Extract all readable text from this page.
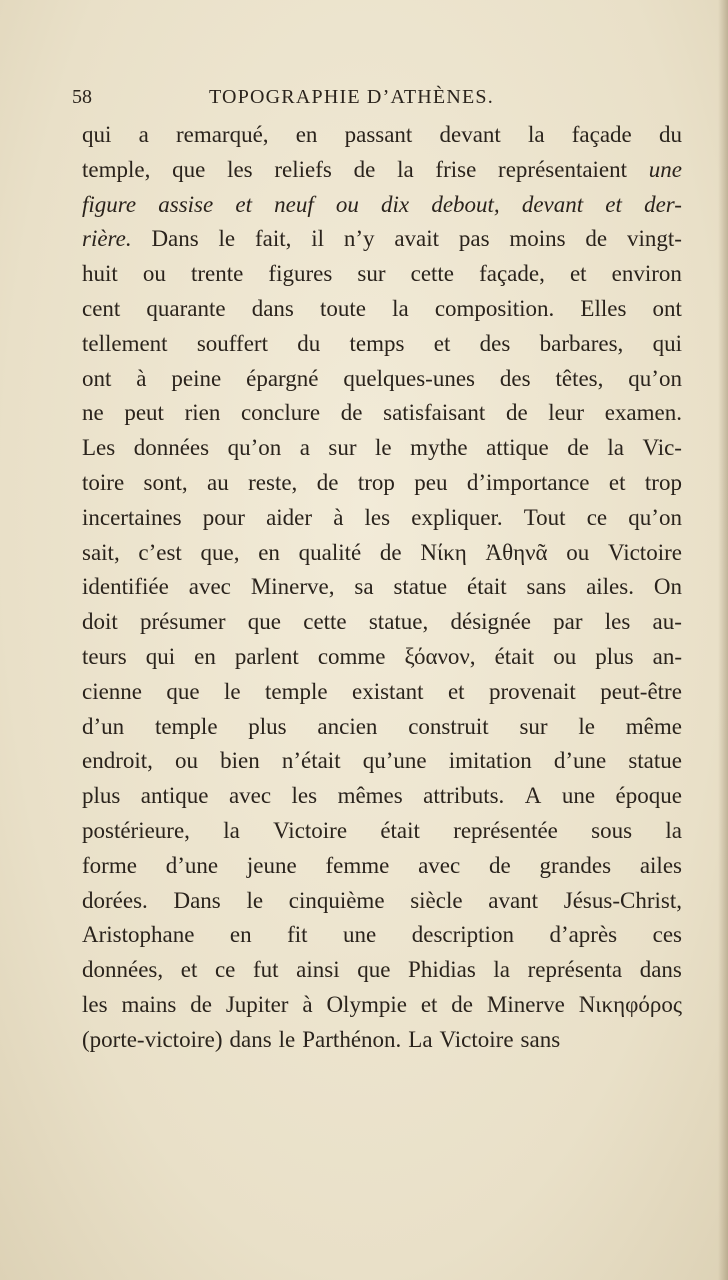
58	TOPOGRAPHIE D’ATHÈNES.
qui a remarqué, en passant devant la façade du
temple, que les reliefs de la frise représentaient une
figure assise et neuf ou dix debout, devant et der-
rière. Dans le fait, il n’y avait pas moins de vingt-
huit ou trente figures sur cette façade, et environ
cent quarante dans toute la composition. Elles ont
tellement souffert du temps et des barbares, qui
ont à peine épargné quelques-unes des têtes, qu’on
ne peut rien conclure de satisfaisant de leur examen.
Les données qu’on a sur le mythe attique de la Vic-
toire sont, au reste, de trop peu d’importance et trop
incertaines pour aider à les expliquer. Tout ce qu’on
sait, c’est que, en qualité de Νίκη Ἀθηνᾶ ou Victoire
identifiée avec Minerve, sa statue était sans ailes. On
doit présumer que cette statue, désignée par les au-
teurs qui en parlent comme ξόανον, était ou plus an-
cienne que le temple existant et provenait peut-être
d’un temple plus ancien construit sur le même
endroit, ou bien n’était qu’une imitation d’une statue
plus antique avec les mêmes attributs. A une époque
postérieure, la Victoire était représentée sous la
forme d’une jeune femme avec de grandes ailes
dorées. Dans le cinquième siècle avant Jésus-Christ,
Aristophane en fit une description d’après ces
données, et ce fut ainsi que Phidias la représenta dans
les mains de Jupiter à Olympie et de Minerve Νικηφόρος
(porte-victoire) dans le Parthénon. La Victoire sans
